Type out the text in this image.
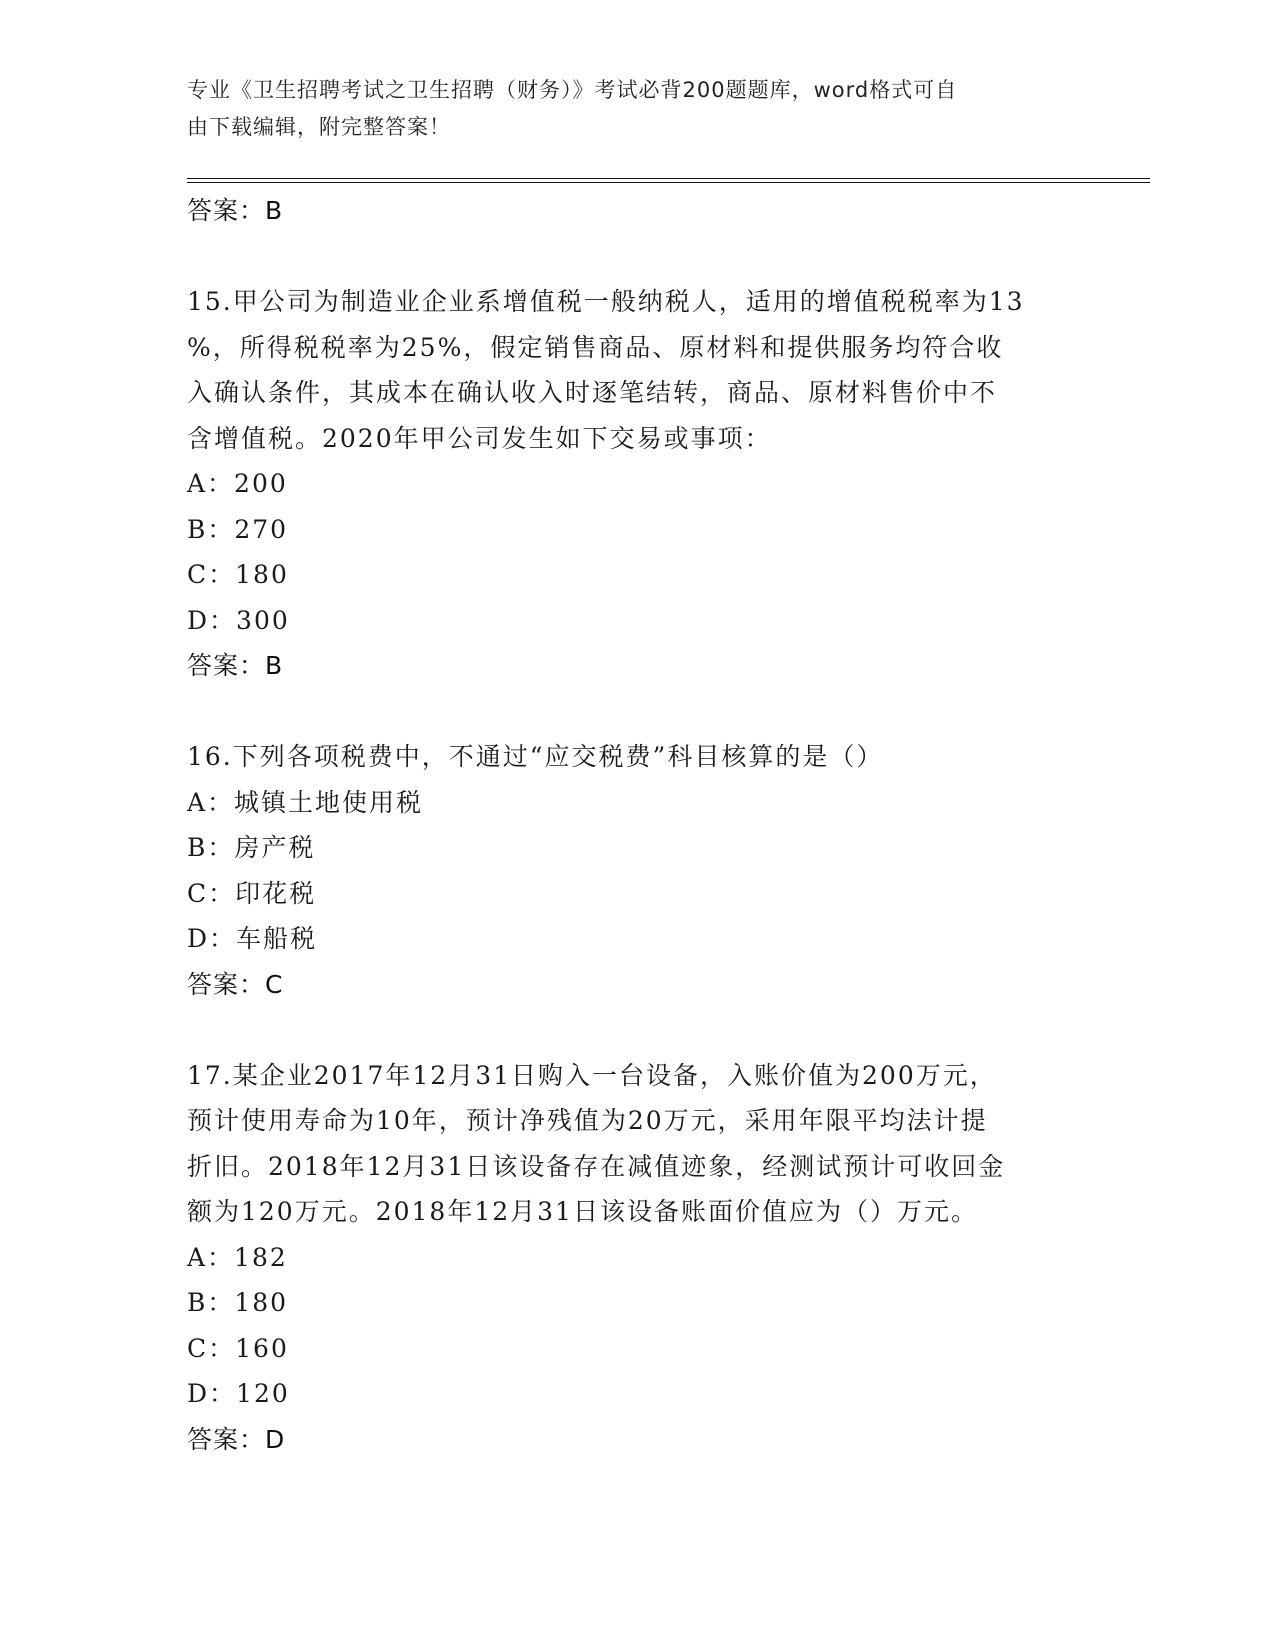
专业《卫生招聘考试之卫生招聘（财务）》考试必背200题题库，word格式可自
由下载编辑，附完整答案！
答案：B
15.甲公司为制造业企业系增值税一般纳税人，适用的增值税税率为13
%，所得税税率为25%，假定销售商品、原材料和提供服务均符合收
入确认条件，其成本在确认收入时逐笔结转，商品、原材料售价中不
含增值税。2020年甲公司发生如下交易或事项：
A：200
B：270
C：180
D：300
答案：B
16.下列各项税费中，不通过“应交税费”科目核算的是（）
A：城镇土地使用税
B：房产税
C：印花税
D：车船税
答案：C
17.某企业2017年12月31日购入一台设备，入账价值为200万元，
预计使用寿命为10年，预计净残值为20万元，采用年限平均法计提
折旧。2018年12月31日该设备存在减值迹象，经测试预计可收回金
额为120万元。2018年12月31日该设备账面价值应为（）万元。
A：182
B：180
C：160
D：120
答案：D
